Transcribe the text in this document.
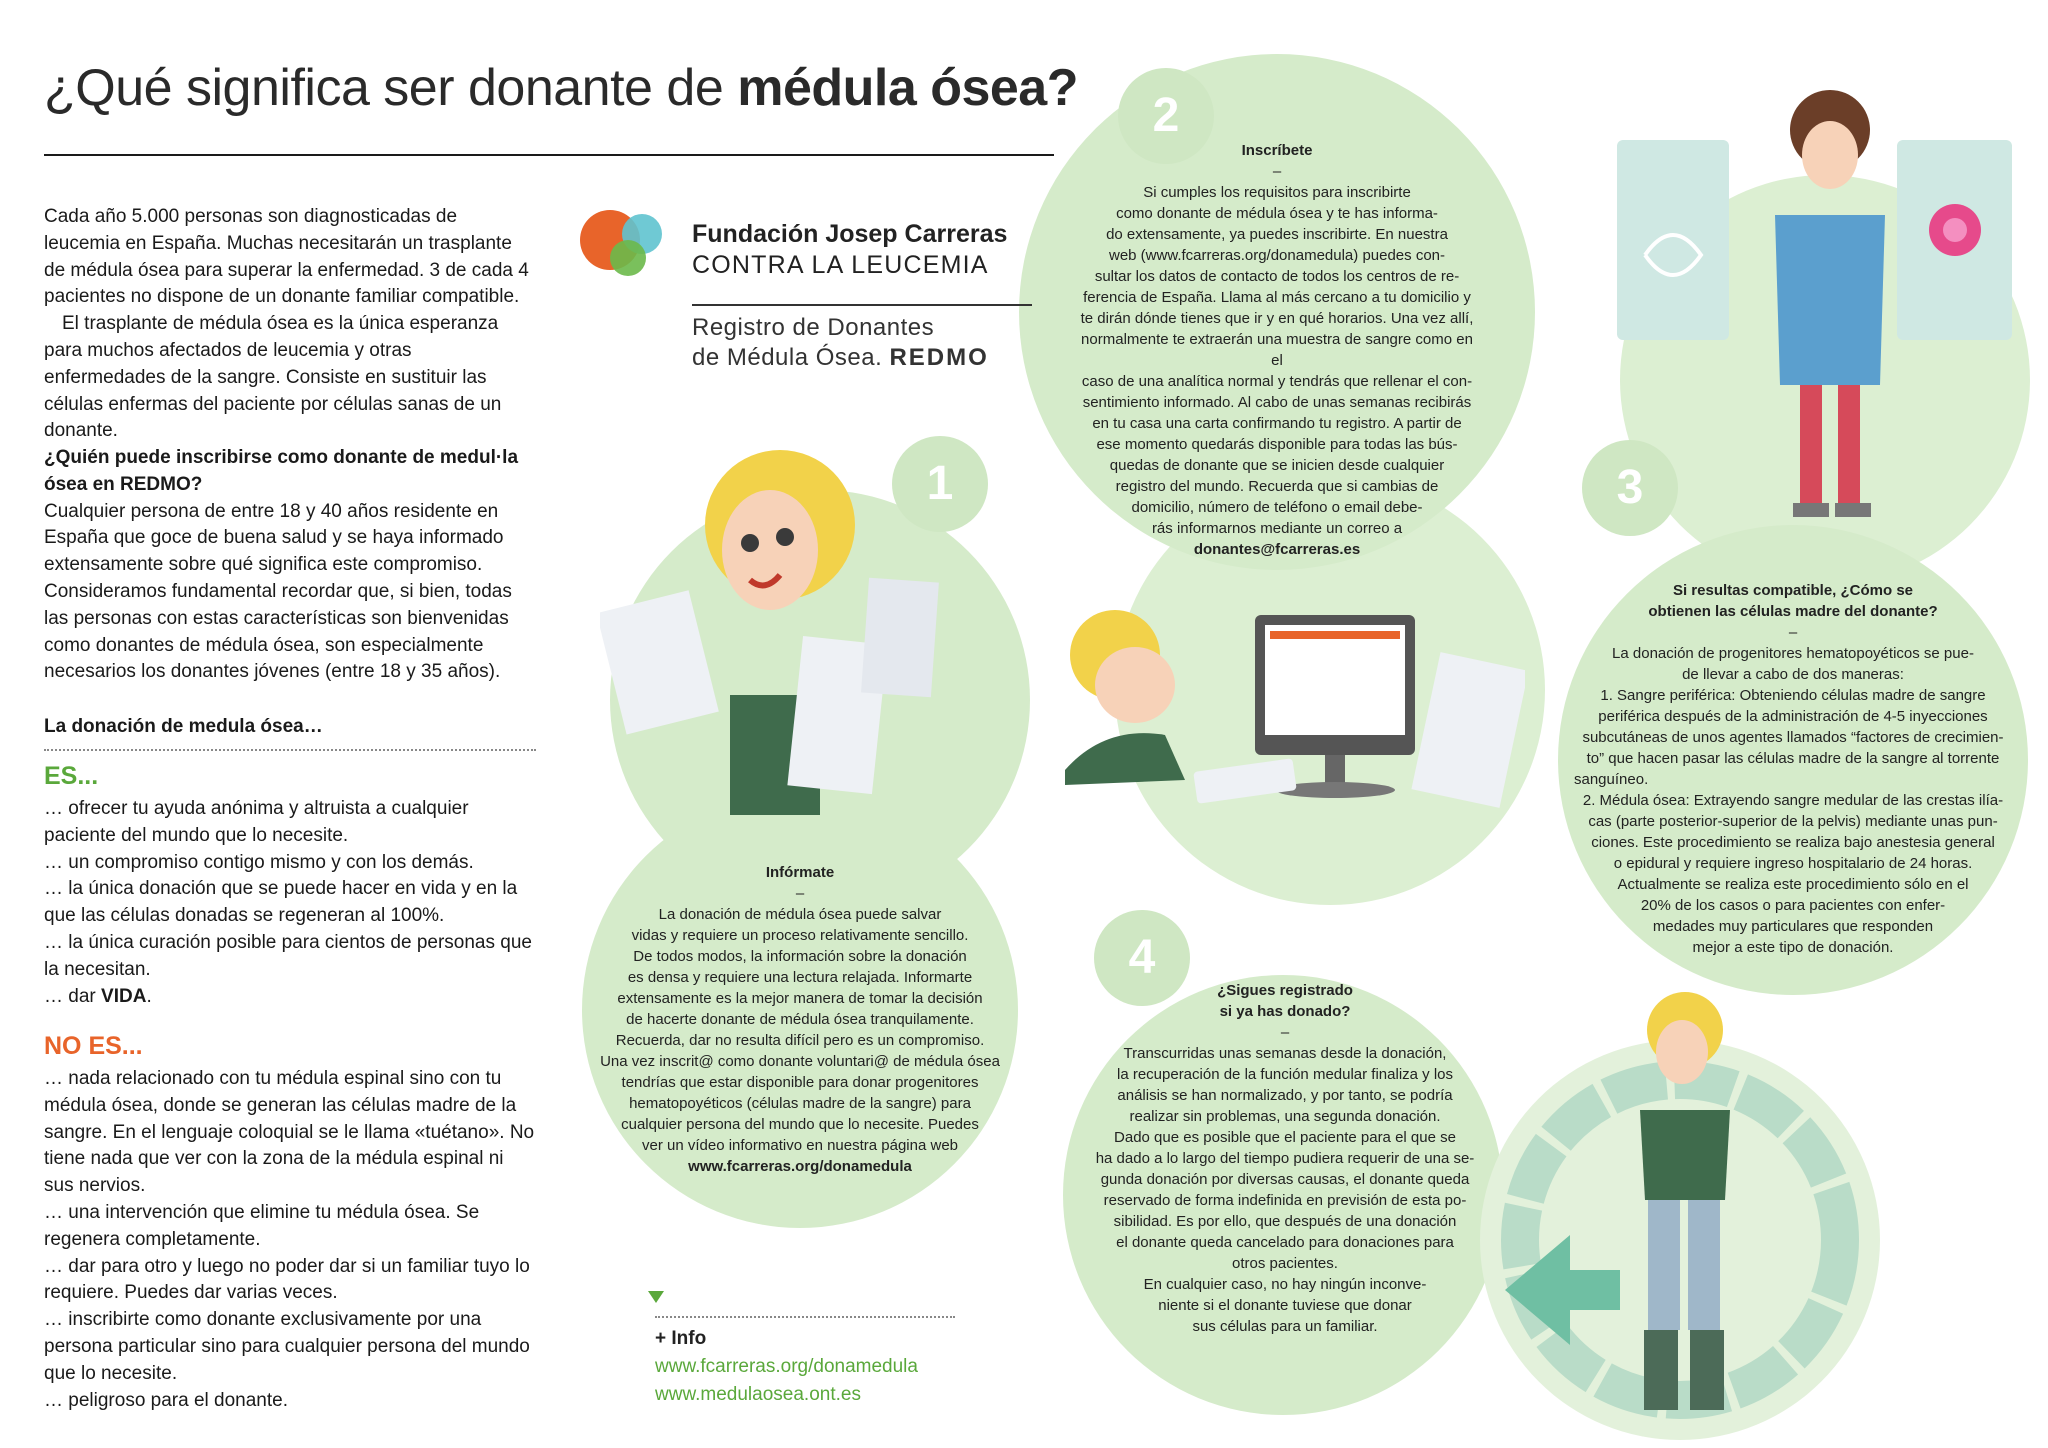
¿Qué significa ser donante de médula ósea?

Cada año 5.000 personas son diagnosticadas de leucemia en España. Muchas necesitarán un trasplante de médula ósea para superar la enfermedad. 3 de cada 4 pacientes no dispone de un donante familiar compatible.

El trasplante de médula ósea es la única esperanza para muchos afectados de leucemia y otras enfermedades de la sangre. Consiste en sustituir las células enfermas del paciente por células sanas de un donante.

¿Quién puede inscribirse como donante de medul·la ósea en REDMO?

Cualquier persona de entre 18 y 40 años residente en España que goce de buena salud y se haya informado extensamente sobre qué significa este compromiso. Consideramos fundamental recordar que, si bien, todas las personas con estas características son bienvenidas como donantes de médula ósea, son especialmente necesarios los donantes jóvenes (entre 18 y 35 años).

La donación de medula ósea…
ES...

… ofrecer tu ayuda anónima y altruista a cualquier paciente del mundo que lo necesite.

… un compromiso contigo mismo y con los demás.

… la única donación que se puede hacer en vida y en la que las células donadas se regeneran al 100%.

… la única curación posible para cientos de personas que la necesitan.

… dar VIDA.

NO ES...

… nada relacionado con tu médula espinal sino con tu médula ósea, donde se generan las células madre de la sangre. En el lenguaje coloquial se le llama «tuétano». No tiene nada que ver con la zona de la médula espinal ni sus nervios.

… una intervención que elimine tu médula ósea. Se regenera completamente.

… dar para otro y luego no poder dar si un familiar tuyo lo requiere. Puedes dar varias veces.

… inscribirte como donante exclusivamente por una persona particular sino para cualquier persona del mundo que lo necesite.

… peligroso para el donante.

Fundación Josep Carreras
CONTRA LA LEUCEMIA
Registro de Donantes
de Médula Ósea. REDMO
1
2
3
4
Infórmate
–
La donación de médula ósea puede salvar
vidas y requiere un proceso relativamente sencillo.
De todos modos, la información sobre la donación
es densa y requiere una lectura relajada. Informarte
extensamente es la mejor manera de tomar la decisión
de hacerte donante de médula ósea tranquilamente.
Recuerda, dar no resulta difícil pero es un compromiso.
Una vez inscrit@ como donante voluntari@ de médula ósea
tendrías que estar disponible para donar progenitores
hematopoyéticos (células madre de la sangre) para
cualquier persona del mundo que lo necesite. Puedes
ver un vídeo informativo en nuestra página web
www.fcarreras.org/donamedula
Inscríbete
–
Si cumples los requisitos para inscribirte
como donante de médula ósea y te has informa-
do extensamente, ya puedes inscribirte. En nuestra
web (www.fcarreras.org/donamedula) puedes con-
sultar los datos de contacto de todos los centros de re-
ferencia de España. Llama al más cercano a tu domicilio y
te dirán dónde tienes que ir y en qué horarios. Una vez allí,
normalmente te extraerán una muestra de sangre como en el
caso de una analítica normal y tendrás que rellenar el con-
sentimiento informado. Al cabo de unas semanas recibirás
en tu casa una carta confirmando tu registro. A partir de
ese momento quedarás disponible para todas las bús-
quedas de donante que se inicien desde cualquier
registro del mundo. Recuerda que si cambias de
domicilio, número de teléfono o email debe-
rás informarnos mediante un correo a
donantes@fcarreras.es
Si resultas compatible, ¿Cómo se
obtienen las células madre del donante?
–
La donación de progenitores hematopoyéticos se pue-
de llevar a cabo de dos maneras:
1. Sangre periférica: Obteniendo células madre de sangre
periférica después de la administración de 4-5 inyecciones
subcutáneas de unos agentes llamados “factores de crecimien-
to” que hacen pasar las células madre de la sangre al torrente
sanguíneo.
2. Médula ósea: Extrayendo sangre medular de las crestas ilía-
cas (parte posterior-superior de la pelvis) mediante unas pun-
ciones. Este procedimiento se realiza bajo anestesia general
o epidural y requiere ingreso hospitalario de 24 horas.
Actualmente se realiza este procedimiento sólo en el
20% de los casos o para pacientes con enfer-
medades muy particulares que responden
mejor a este tipo de donación.
¿Sigues registrado
si ya has donado?
–
Transcurridas unas semanas desde la donación,
la recuperación de la función medular finaliza y los
análisis se han normalizado, y por tanto, se podría
realizar sin problemas, una segunda donación.
Dado que es posible que el paciente para el que se
ha dado a lo largo del tiempo pudiera requerir de una se-
gunda donación por diversas causas, el donante queda
reservado de forma indefinida en previsión de esta po-
sibilidad. Es por ello, que después de una donación
el donante queda cancelado para donaciones para
otros pacientes.
En cualquier caso, no hay ningún inconve-
niente si el donante tuviese que donar
sus células para un familiar.
+ Info
www.fcarreras.org/donamedula
www.medulaosea.ont.es
